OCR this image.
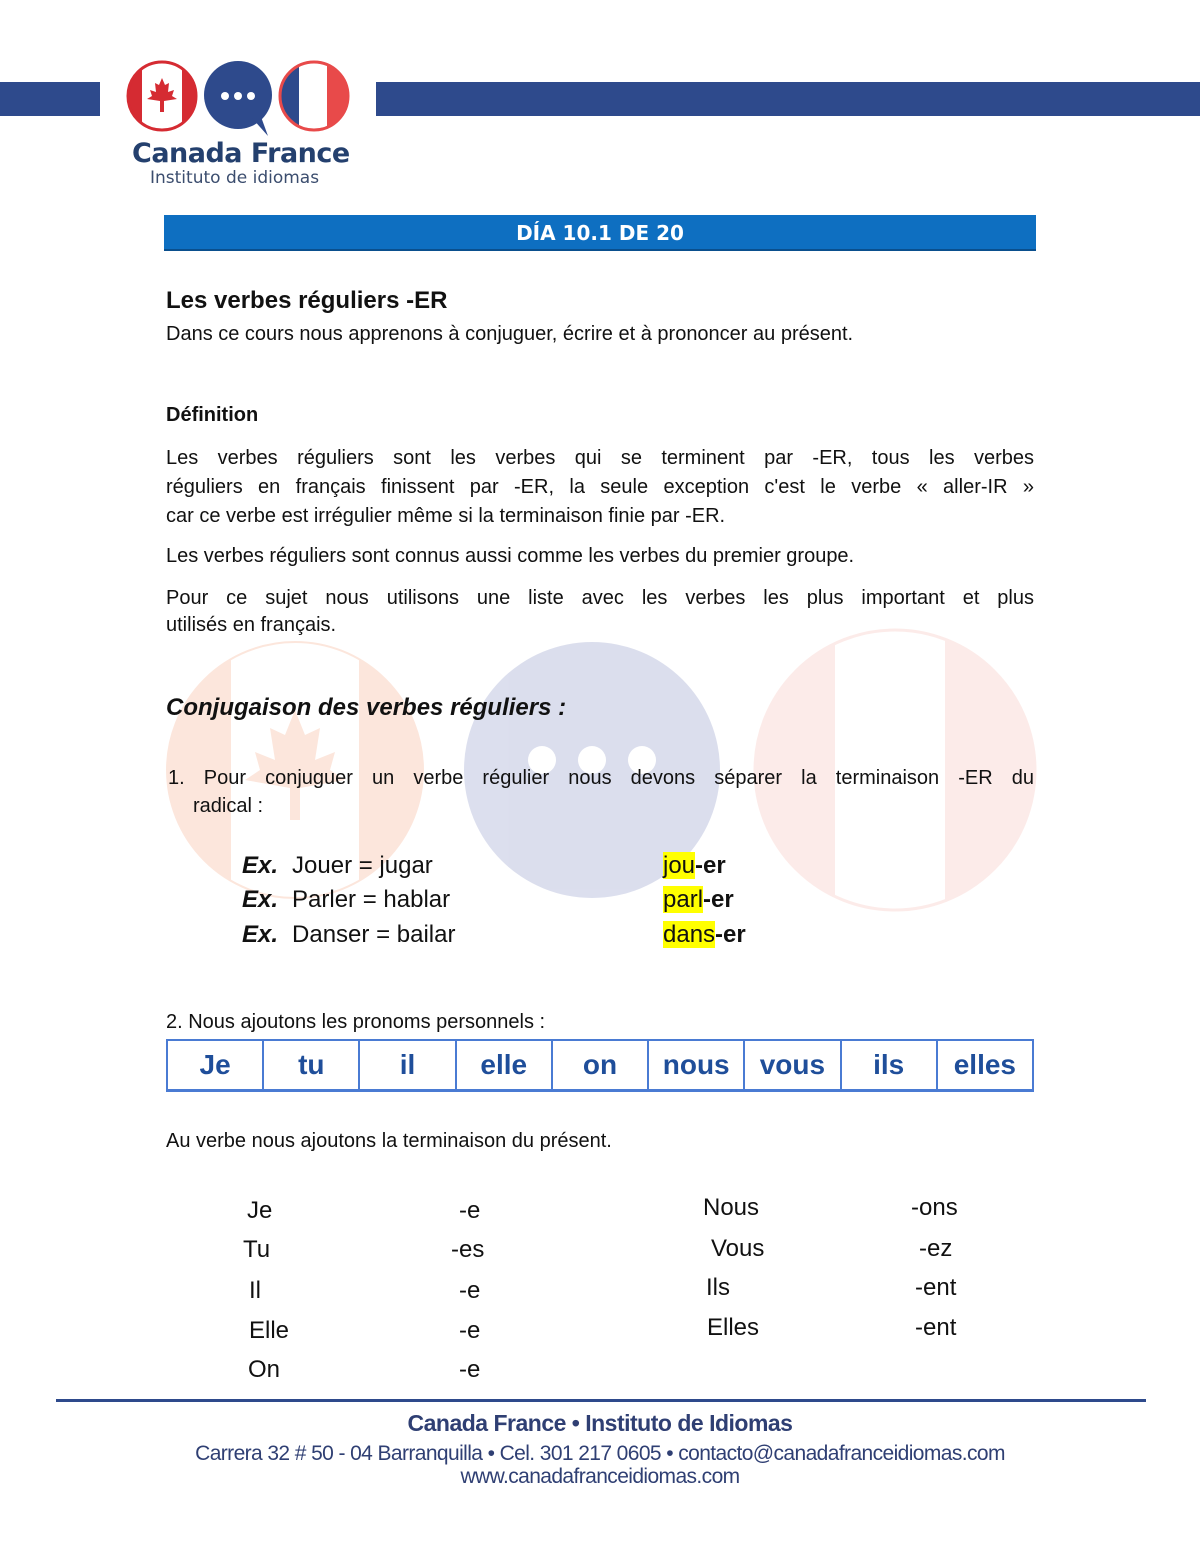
Canada France
Instituto de idiomas
DÍA 10.1 DE 20
Les verbes réguliers -ER
Dans ce cours nous apprenons à conjuguer, écrire et à prononcer au présent.
Définition
Les verbes réguliers sont les verbes qui se terminent par -ER, tous les verbes
réguliers en français finissent par -ER, la seule exception c'est le verbe « aller-IR »
car ce verbe est irrégulier même si la terminaison finie par -ER.
Les verbes réguliers sont connus aussi comme les verbes du premier groupe.
Pour ce sujet nous utilisons une liste avec les verbes les plus important et plus
utilisés en français.
Conjugaison des verbes réguliers :
1. Pour conjuguer un verbe régulier nous devons séparer la terminaison -ER du
radical :
Ex. Jouer = jugar	jou-er
Ex. Parler = hablar	parl-er
Ex. Danser = bailar	dans-er
2. Nous ajoutons les pronoms personnels :
Je	tu	il	elle	on	nous	vous	ils	elles
Au verbe nous ajoutons la terminaison du présent.
Je	-e
Tu	-es
Il	-e
Elle	-e
On	-e
Nous	-ons
Vous	-ez
Ils	-ent
Elles	-ent
Canada France • Instituto de Idiomas
Carrera 32 # 50 - 04 Barranquilla • Cel. 301 217 0605 • contacto@canadafranceidiomas.com
www.canadafranceidiomas.com
